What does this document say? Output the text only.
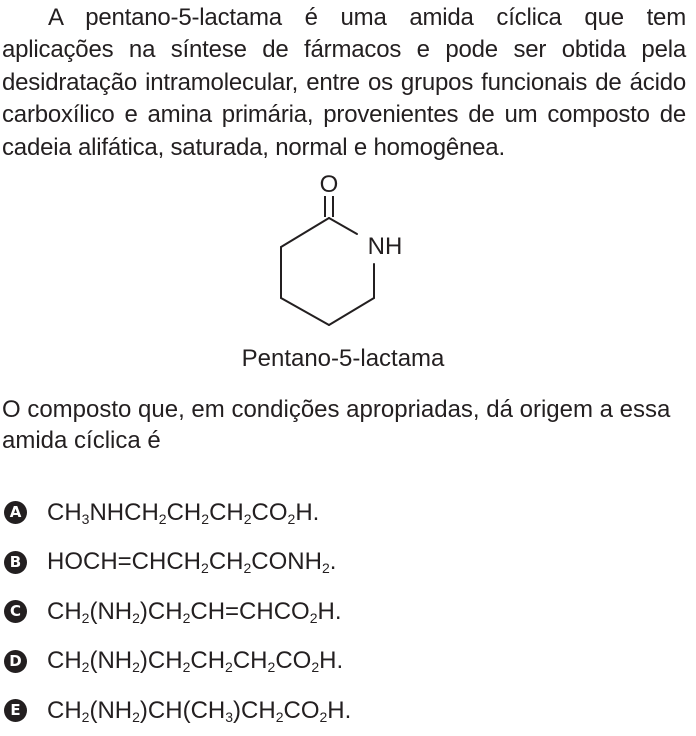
A pentano-5-lactama é uma amida cíclica que tem aplicações na síntese de fármacos e pode ser obtida pela desidratação intramolecular, entre os grupos funcionais de ácido carboxílico e amina primária, provenientes de um composto de cadeia alifática, saturada, normal e homogênea.

O
NH
Pentano-5-lactama
O composto que, em condições apropriadas, dá origem a essa amida cíclica é
A $CH_3NHCH_2CH_2CH_2CO_2H$.
B $HOCH=CHCH_2CH_2CONH_2$.
C $CH_2(NH_2)CH_2CH=CHCO_2H$.
D $CH_2(NH_2)CH_2CH_2CH_2CO_2H$.
E $CH_2(NH_2)CH(CH_3)CH_2CO_2H$.
